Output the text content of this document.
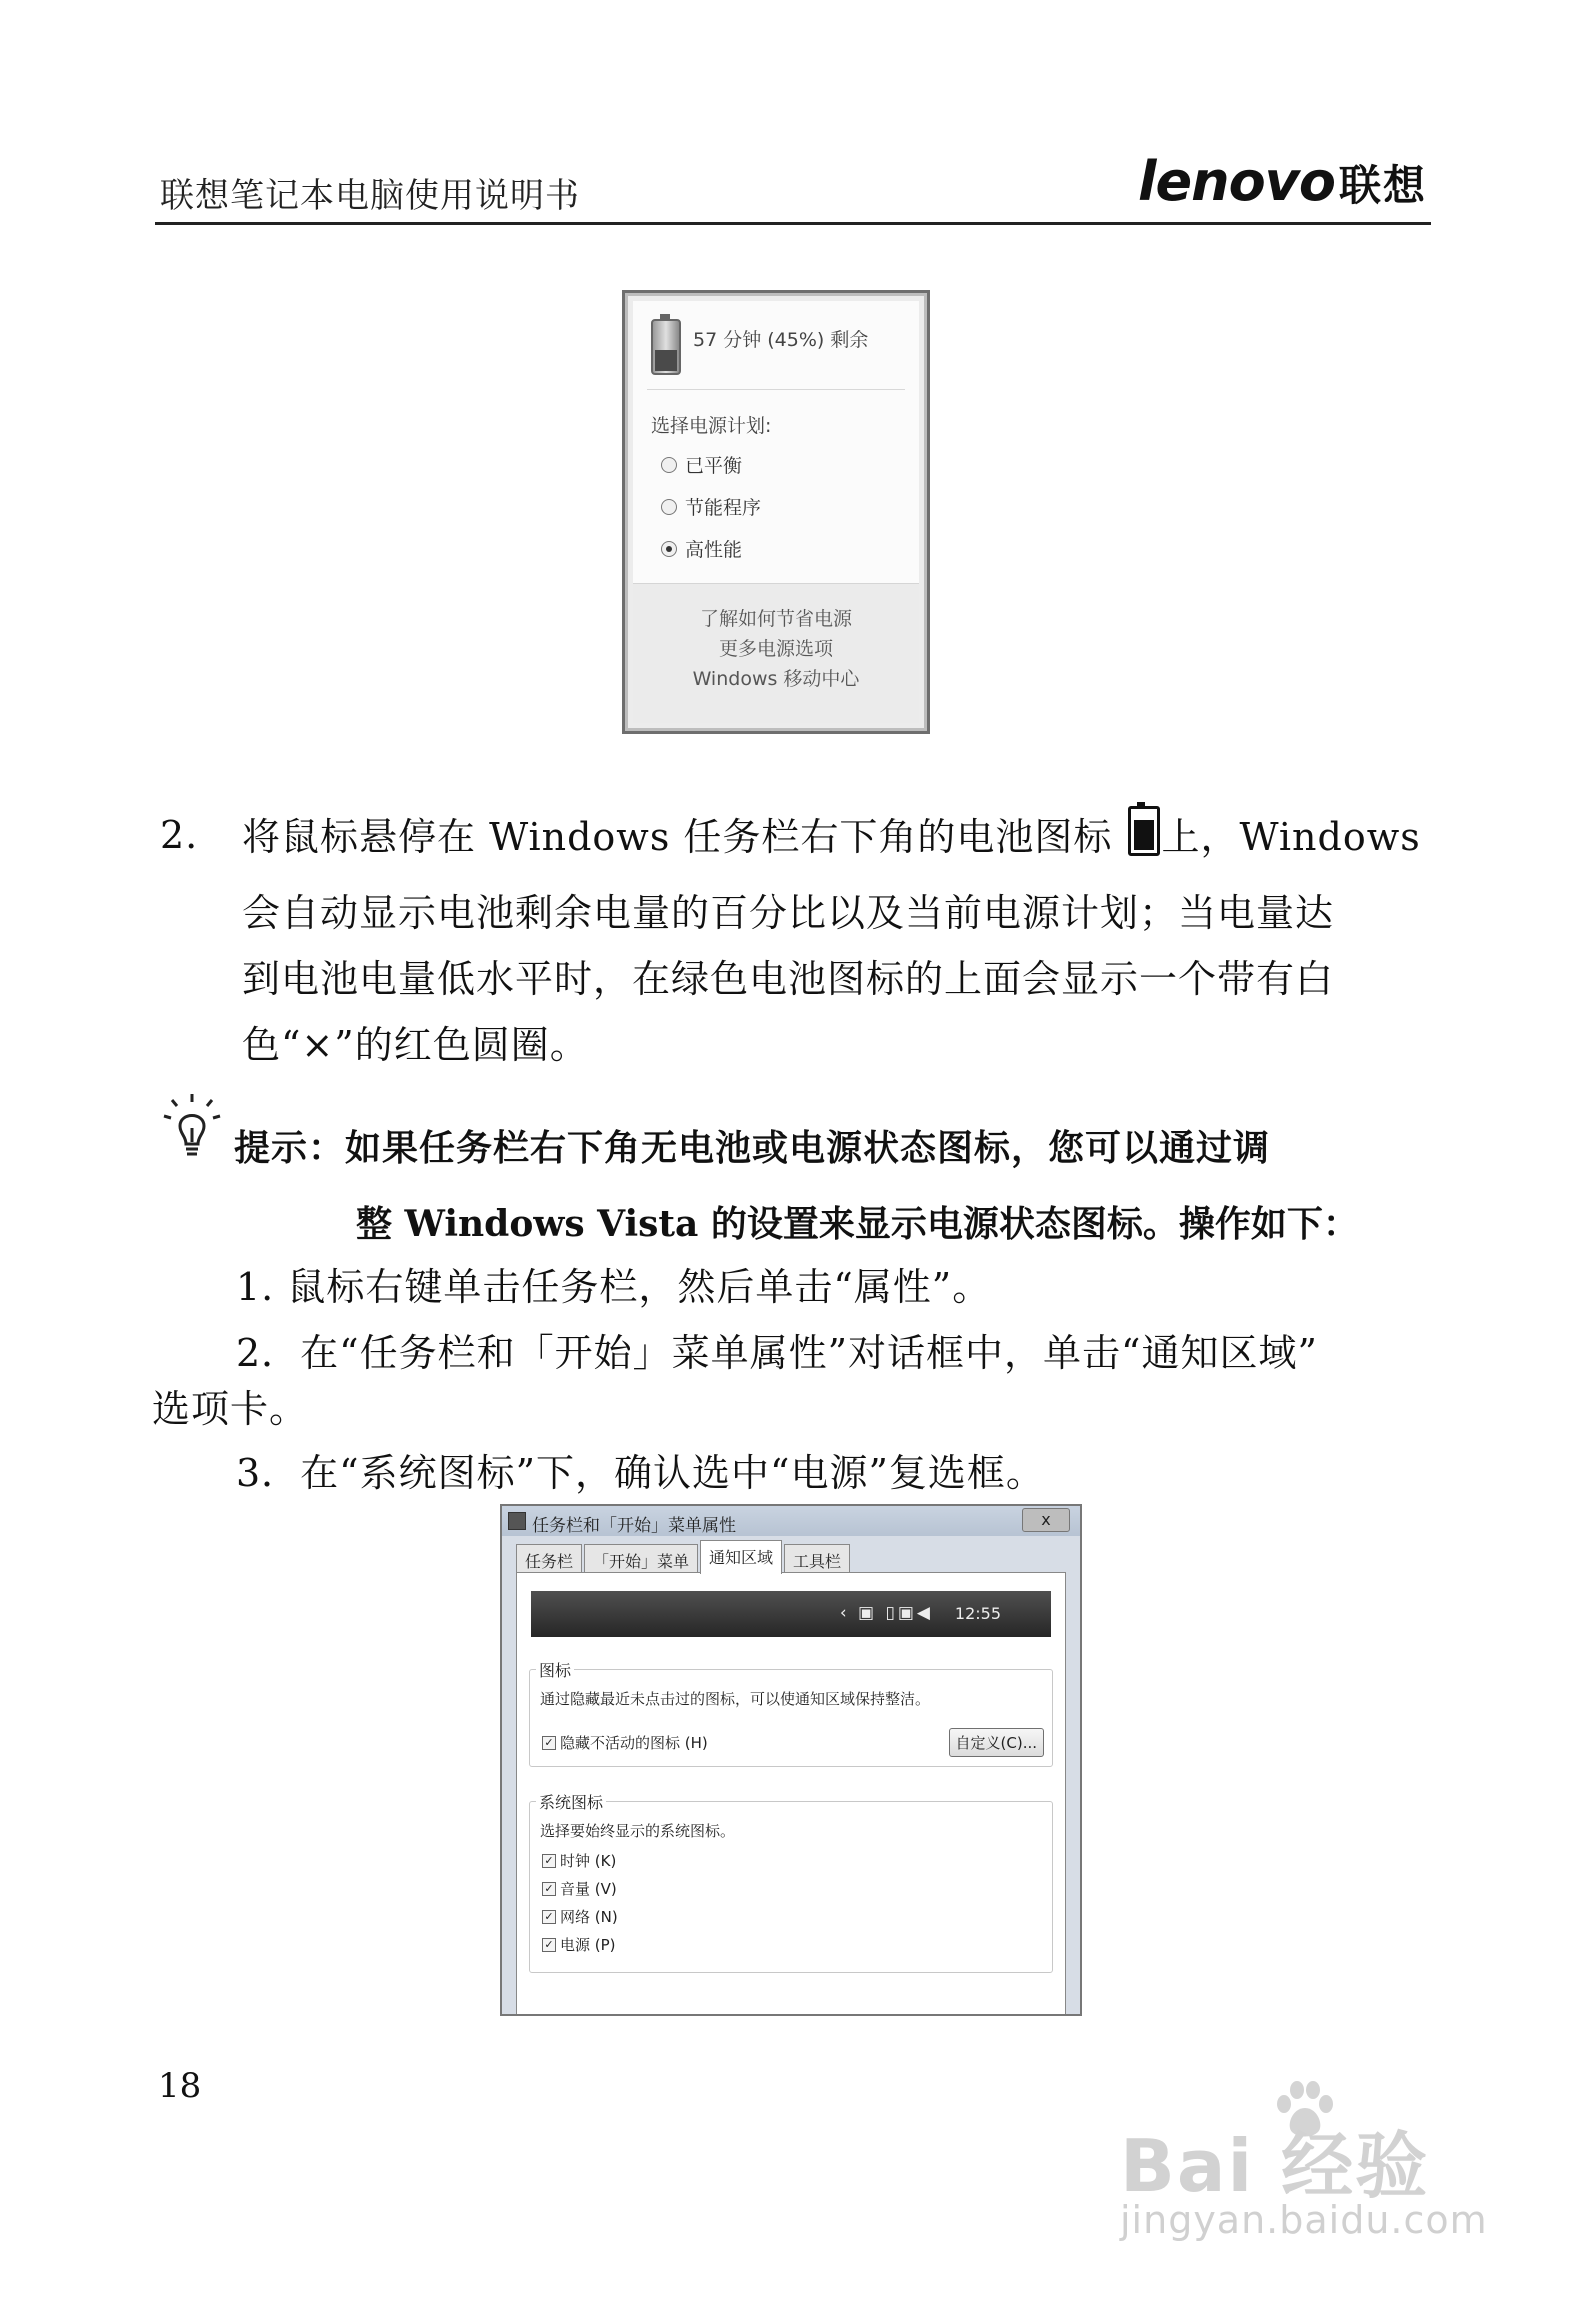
联想笔记本电脑使用说明书	lenovo联想
57 分钟 (45%) 剩余
选择电源计划:
已平衡
节能程序
高性能
了解如何节省电源
更多电源选项
Windows 移动中心
2. 将鼠标悬停在 Windows 任务栏右下角的电池图标 上，Windows
会自动显示电池剩余电量的百分比以及当前电源计划；当电量达
到电池电量低水平时，在绿色电池图标的上面会显示一个带有白
色“×”的红色圆圈。
提示：如果任务栏右下角无电池或电源状态图标，您可以通过调
整 Windows Vista 的设置来显示电源状态图标。操作如下：
1. 鼠标右键单击任务栏，然后单击“属性”。
2．在“任务栏和「开始」菜单属性”对话框中，单击“通知区域”
选项卡。
3．在“系统图标”下，确认选中“电源”复选框。
任务栏和「开始」菜单属性	x
任务栏	「开始」菜单	通知区域	工具栏
‹ ▣ ▯▣◀ 12:55
图标
通过隐藏最近未点击过的图标，可以使通知区域保持整洁。
✓ 隐藏不活动的图标 (H)	自定义(C)...
系统图标
选择要始终显示的系统图标。
✓ 时钟 (K)
✓ 音量 (V)
✓ 网络 (N)
✓ 电源 (P)
18
Bai 经验
jingyan.baidu.com
